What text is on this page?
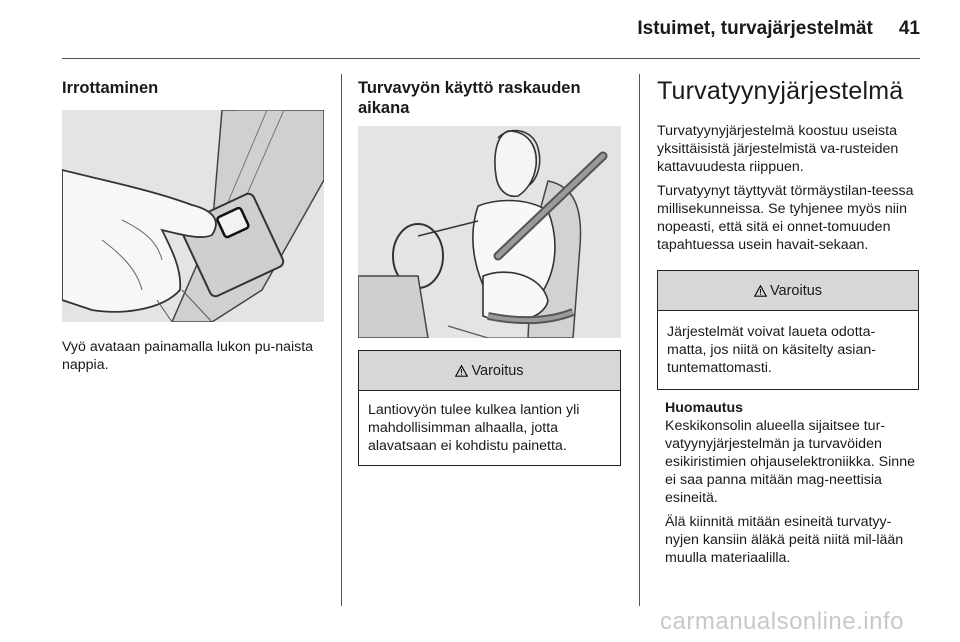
Istuimet, turvajärjestelmät 41
Irrottaminen

Vyö avataan painamalla lukon pu-naista nappia.

Turvavyön käyttö raskauden aikana
Varoitus
Lantiovyön tulee kulkea lantion yli mahdollisimman alhaalla, jotta alavatsaan ei kohdistu painetta.
Turvatyynyjärjestelmä

Turvatyynyjärjestelmä koostuu useista yksittäisistä järjestelmistä va-rusteiden kattavuudesta riippuen.

Turvatyynyt täyttyvät törmäystilan-teessa millisekunneissa. Se tyhjenee myös niin nopeasti, että sitä ei onnet-tomuuden tapahtuessa usein havait-sekaan.

Varoitus
Järjestelmät voivat laueta odotta-matta, jos niitä on käsitelty asian-tuntemattomasti.
Huomautus

Keskikonsolin alueella sijaitsee tur-vatyynyjärjestelmän ja turvavöiden esikiristimien ohjauselektroniikka. Sinne ei saa panna mitään mag-neettisia esineitä.

Älä kiinnitä mitään esineitä turvatyy-nyjen kansiin äläkä peitä niitä mil-lään muulla materiaalilla.

carmanualsonline.info
